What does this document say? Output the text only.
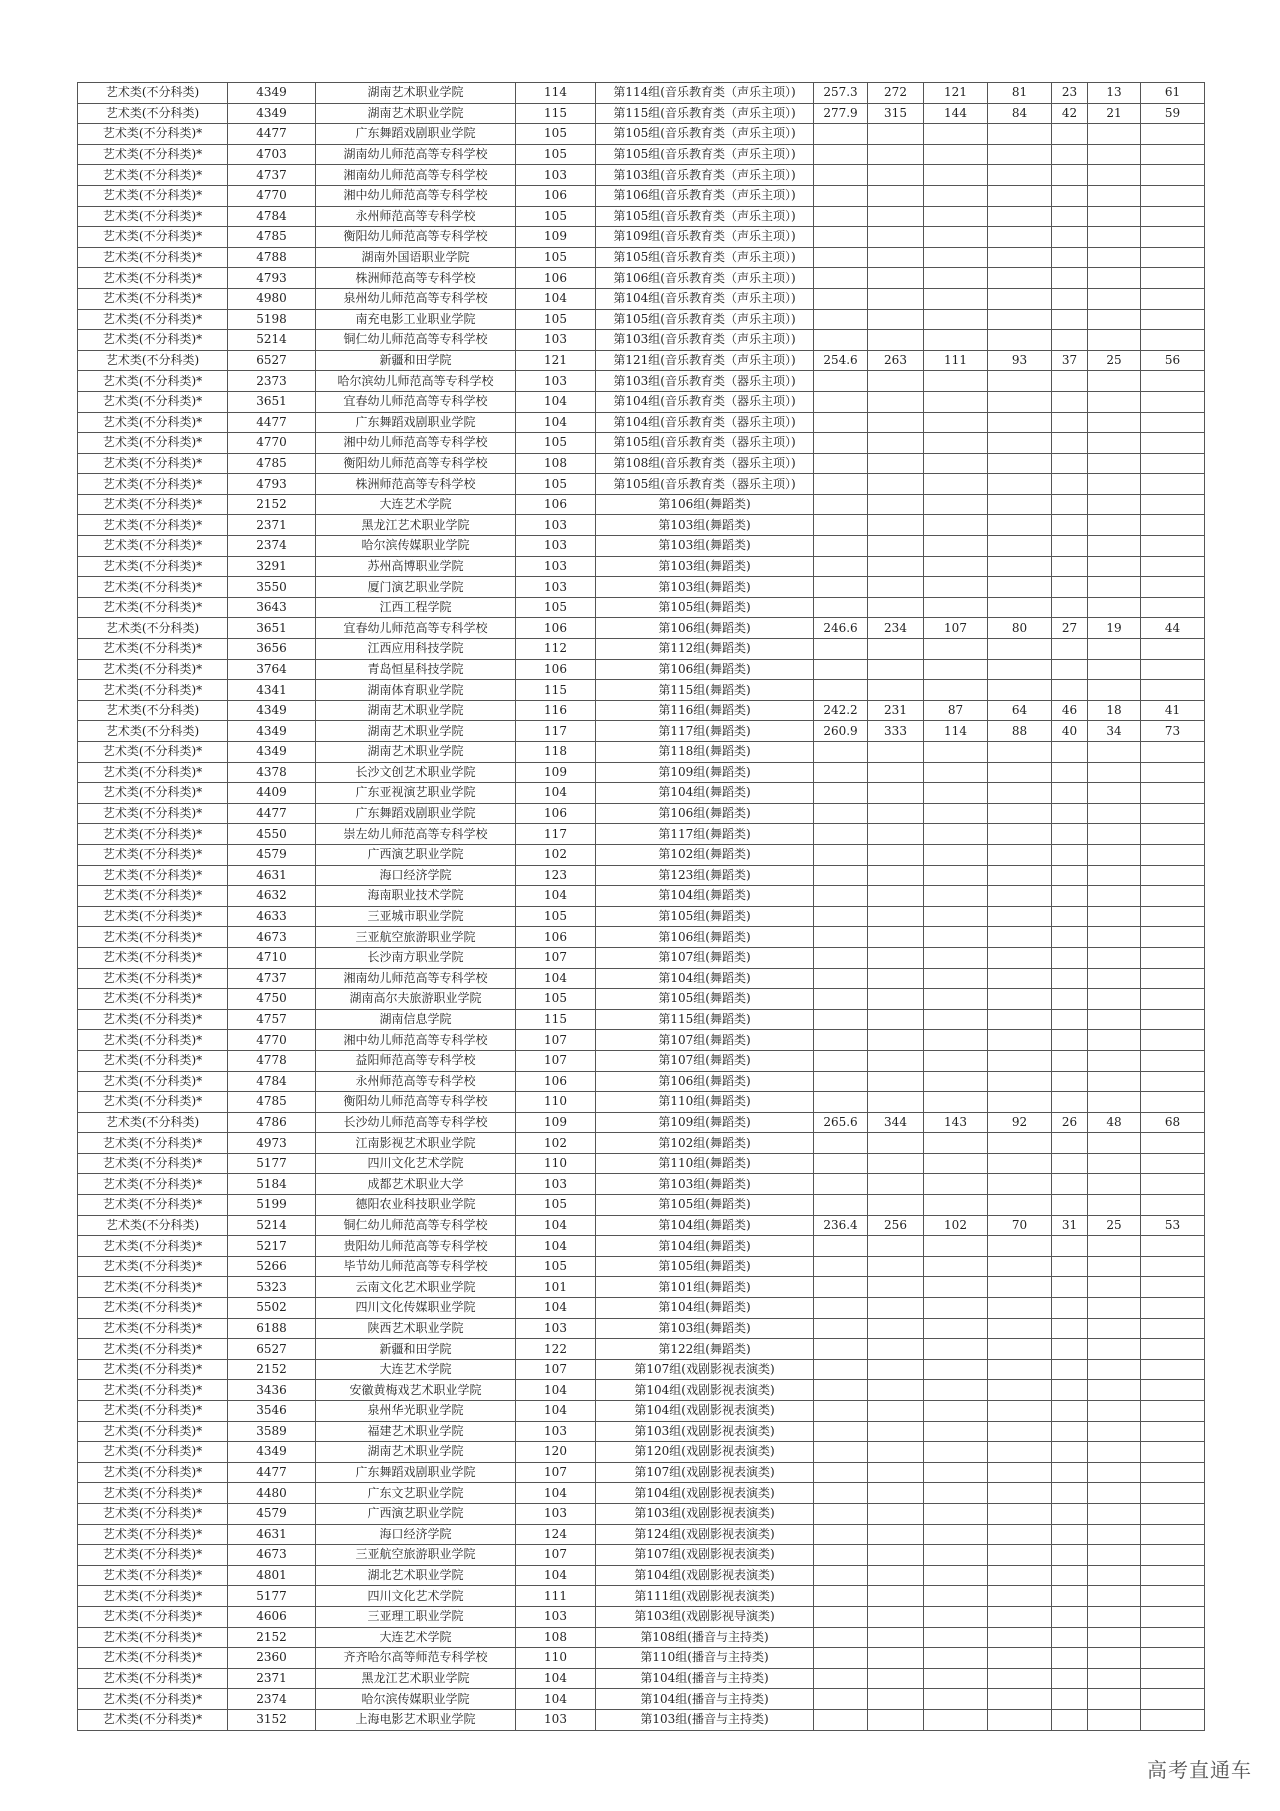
艺术类(不分科类)	4349	湖南艺术职业学院	114	第114组(音乐教育类（声乐主项）)	257.3	272	121	81	23	13	61
艺术类(不分科类)	4349	湖南艺术职业学院	115	第115组(音乐教育类（声乐主项）)	277.9	315	144	84	42	21	59
艺术类(不分科类)*	4477	广东舞蹈戏剧职业学院	105	第105组(音乐教育类（声乐主项）)							
艺术类(不分科类)*	4703	湖南幼儿师范高等专科学校	105	第105组(音乐教育类（声乐主项）)							
艺术类(不分科类)*	4737	湘南幼儿师范高等专科学校	103	第103组(音乐教育类（声乐主项）)							
艺术类(不分科类)*	4770	湘中幼儿师范高等专科学校	106	第106组(音乐教育类（声乐主项）)							
艺术类(不分科类)*	4784	永州师范高等专科学校	105	第105组(音乐教育类（声乐主项）)							
艺术类(不分科类)*	4785	衡阳幼儿师范高等专科学校	109	第109组(音乐教育类（声乐主项）)							
艺术类(不分科类)*	4788	湖南外国语职业学院	105	第105组(音乐教育类（声乐主项）)							
艺术类(不分科类)*	4793	株洲师范高等专科学校	106	第106组(音乐教育类（声乐主项）)							
艺术类(不分科类)*	4980	泉州幼儿师范高等专科学校	104	第104组(音乐教育类（声乐主项）)							
艺术类(不分科类)*	5198	南充电影工业职业学院	105	第105组(音乐教育类（声乐主项）)							
艺术类(不分科类)*	5214	铜仁幼儿师范高等专科学校	103	第103组(音乐教育类（声乐主项）)							
艺术类(不分科类)	6527	新疆和田学院	121	第121组(音乐教育类（声乐主项）)	254.6	263	111	93	37	25	56
艺术类(不分科类)*	2373	哈尔滨幼儿师范高等专科学校	103	第103组(音乐教育类（器乐主项）)							
艺术类(不分科类)*	3651	宜春幼儿师范高等专科学校	104	第104组(音乐教育类（器乐主项）)							
艺术类(不分科类)*	4477	广东舞蹈戏剧职业学院	104	第104组(音乐教育类（器乐主项）)							
艺术类(不分科类)*	4770	湘中幼儿师范高等专科学校	105	第105组(音乐教育类（器乐主项）)							
艺术类(不分科类)*	4785	衡阳幼儿师范高等专科学校	108	第108组(音乐教育类（器乐主项）)							
艺术类(不分科类)*	4793	株洲师范高等专科学校	105	第105组(音乐教育类（器乐主项）)							
艺术类(不分科类)*	2152	大连艺术学院	106	第106组(舞蹈类)							
艺术类(不分科类)*	2371	黑龙江艺术职业学院	103	第103组(舞蹈类)							
艺术类(不分科类)*	2374	哈尔滨传媒职业学院	103	第103组(舞蹈类)							
艺术类(不分科类)*	3291	苏州高博职业学院	103	第103组(舞蹈类)							
艺术类(不分科类)*	3550	厦门演艺职业学院	103	第103组(舞蹈类)							
艺术类(不分科类)*	3643	江西工程学院	105	第105组(舞蹈类)							
艺术类(不分科类)	3651	宜春幼儿师范高等专科学校	106	第106组(舞蹈类)	246.6	234	107	80	27	19	44
艺术类(不分科类)*	3656	江西应用科技学院	112	第112组(舞蹈类)							
艺术类(不分科类)*	3764	青岛恒星科技学院	106	第106组(舞蹈类)							
艺术类(不分科类)*	4341	湖南体育职业学院	115	第115组(舞蹈类)							
艺术类(不分科类)	4349	湖南艺术职业学院	116	第116组(舞蹈类)	242.2	231	87	64	46	18	41
艺术类(不分科类)	4349	湖南艺术职业学院	117	第117组(舞蹈类)	260.9	333	114	88	40	34	73
艺术类(不分科类)*	4349	湖南艺术职业学院	118	第118组(舞蹈类)							
艺术类(不分科类)*	4378	长沙文创艺术职业学院	109	第109组(舞蹈类)							
艺术类(不分科类)*	4409	广东亚视演艺职业学院	104	第104组(舞蹈类)							
艺术类(不分科类)*	4477	广东舞蹈戏剧职业学院	106	第106组(舞蹈类)							
艺术类(不分科类)*	4550	崇左幼儿师范高等专科学校	117	第117组(舞蹈类)							
艺术类(不分科类)*	4579	广西演艺职业学院	102	第102组(舞蹈类)							
艺术类(不分科类)*	4631	海口经济学院	123	第123组(舞蹈类)							
艺术类(不分科类)*	4632	海南职业技术学院	104	第104组(舞蹈类)							
艺术类(不分科类)*	4633	三亚城市职业学院	105	第105组(舞蹈类)							
艺术类(不分科类)*	4673	三亚航空旅游职业学院	106	第106组(舞蹈类)							
艺术类(不分科类)*	4710	长沙南方职业学院	107	第107组(舞蹈类)							
艺术类(不分科类)*	4737	湘南幼儿师范高等专科学校	104	第104组(舞蹈类)							
艺术类(不分科类)*	4750	湖南高尔夫旅游职业学院	105	第105组(舞蹈类)							
艺术类(不分科类)*	4757	湖南信息学院	115	第115组(舞蹈类)							
艺术类(不分科类)*	4770	湘中幼儿师范高等专科学校	107	第107组(舞蹈类)							
艺术类(不分科类)*	4778	益阳师范高等专科学校	107	第107组(舞蹈类)							
艺术类(不分科类)*	4784	永州师范高等专科学校	106	第106组(舞蹈类)							
艺术类(不分科类)*	4785	衡阳幼儿师范高等专科学校	110	第110组(舞蹈类)							
艺术类(不分科类)	4786	长沙幼儿师范高等专科学校	109	第109组(舞蹈类)	265.6	344	143	92	26	48	68
艺术类(不分科类)*	4973	江南影视艺术职业学院	102	第102组(舞蹈类)							
艺术类(不分科类)*	5177	四川文化艺术学院	110	第110组(舞蹈类)							
艺术类(不分科类)*	5184	成都艺术职业大学	103	第103组(舞蹈类)							
艺术类(不分科类)*	5199	德阳农业科技职业学院	105	第105组(舞蹈类)							
艺术类(不分科类)	5214	铜仁幼儿师范高等专科学校	104	第104组(舞蹈类)	236.4	256	102	70	31	25	53
艺术类(不分科类)*	5217	贵阳幼儿师范高等专科学校	104	第104组(舞蹈类)							
艺术类(不分科类)*	5266	毕节幼儿师范高等专科学校	105	第105组(舞蹈类)							
艺术类(不分科类)*	5323	云南文化艺术职业学院	101	第101组(舞蹈类)							
艺术类(不分科类)*	5502	四川文化传媒职业学院	104	第104组(舞蹈类)							
艺术类(不分科类)*	6188	陕西艺术职业学院	103	第103组(舞蹈类)							
艺术类(不分科类)*	6527	新疆和田学院	122	第122组(舞蹈类)							
艺术类(不分科类)*	2152	大连艺术学院	107	第107组(戏剧影视表演类)							
艺术类(不分科类)*	3436	安徽黄梅戏艺术职业学院	104	第104组(戏剧影视表演类)							
艺术类(不分科类)*	3546	泉州华光职业学院	104	第104组(戏剧影视表演类)							
艺术类(不分科类)*	3589	福建艺术职业学院	103	第103组(戏剧影视表演类)							
艺术类(不分科类)*	4349	湖南艺术职业学院	120	第120组(戏剧影视表演类)							
艺术类(不分科类)*	4477	广东舞蹈戏剧职业学院	107	第107组(戏剧影视表演类)							
艺术类(不分科类)*	4480	广东文艺职业学院	104	第104组(戏剧影视表演类)							
艺术类(不分科类)*	4579	广西演艺职业学院	103	第103组(戏剧影视表演类)							
艺术类(不分科类)*	4631	海口经济学院	124	第124组(戏剧影视表演类)							
艺术类(不分科类)*	4673	三亚航空旅游职业学院	107	第107组(戏剧影视表演类)							
艺术类(不分科类)*	4801	湖北艺术职业学院	104	第104组(戏剧影视表演类)							
艺术类(不分科类)*	5177	四川文化艺术学院	111	第111组(戏剧影视表演类)							
艺术类(不分科类)*	4606	三亚理工职业学院	103	第103组(戏剧影视导演类)							
艺术类(不分科类)*	2152	大连艺术学院	108	第108组(播音与主持类)							
艺术类(不分科类)*	2360	齐齐哈尔高等师范专科学校	110	第110组(播音与主持类)							
艺术类(不分科类)*	2371	黑龙江艺术职业学院	104	第104组(播音与主持类)							
艺术类(不分科类)*	2374	哈尔滨传媒职业学院	104	第104组(播音与主持类)							
艺术类(不分科类)*	3152	上海电影艺术职业学院	103	第103组(播音与主持类)							
高考直通车
